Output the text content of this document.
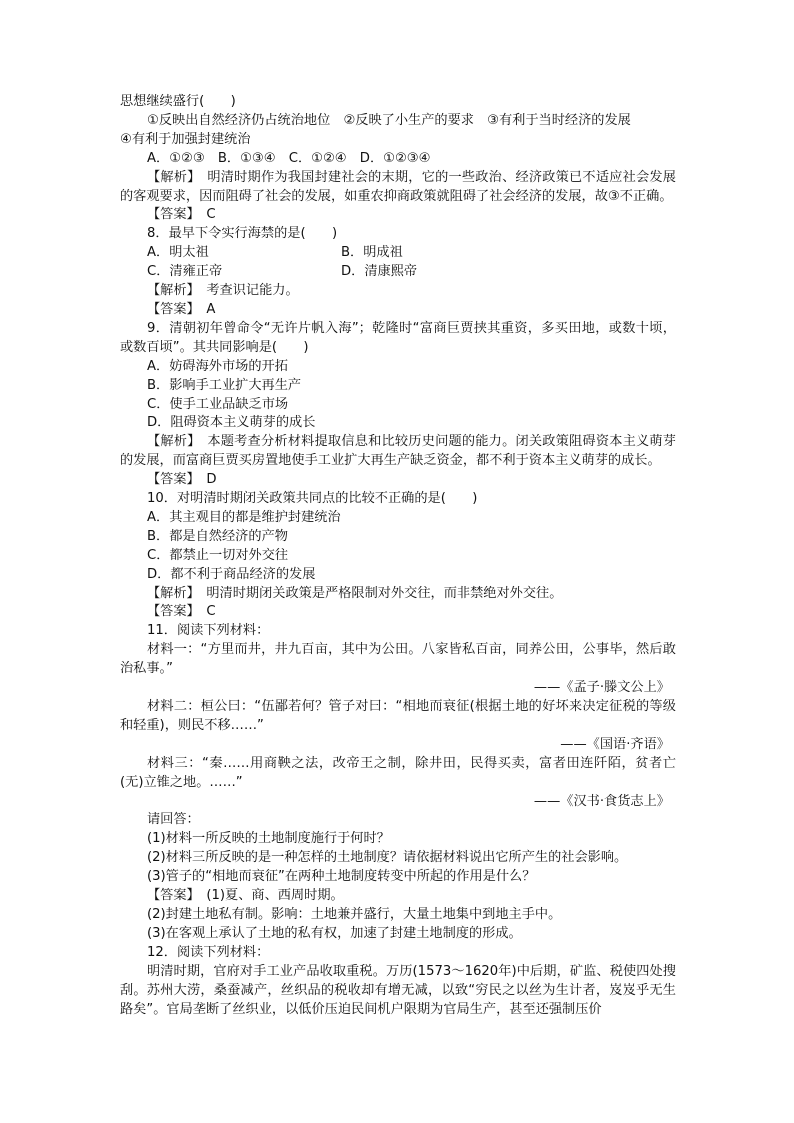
思想继续盛行(　　)
①反映出自然经济仍占统治地位　②反映了小生产的要求　③有利于当时经济的发展
④有利于加强封建统治
A．①②③　B．①③④　C．①②④　D．①②③④
【解析】　明清时期作为我国封建社会的末期，它的一些政治、经济政策已不适应社会发展的客观要求，因而阻碍了社会的发展，如重农抑商政策就阻碍了社会经济的发展，故③不正确。
【答案】　C
8．最早下令实行海禁的是(　　)
A．明太祖	B．明成祖
C．清雍正帝	D．清康熙帝
【解析】　考查识记能力。
【答案】　A
9．清朝初年曾命令“无许片帆入海”；乾隆时“富商巨贾挟其重资，多买田地，或数十顷，或数百顷”。其共同影响是(　　)
A．妨碍海外市场的开拓
B．影响手工业扩大再生产
C．使手工业品缺乏市场
D．阻碍资本主义萌芽的成长
【解析】　本题考查分析材料提取信息和比较历史问题的能力。闭关政策阻碍资本主义萌芽的发展，而富商巨贾买房置地使手工业扩大再生产缺乏资金，都不利于资本主义萌芽的成长。
【答案】　D
10．对明清时期闭关政策共同点的比较不正确的是(　　)
A．其主观目的都是维护封建统治
B．都是自然经济的产物
C．都禁止一切对外交往
D．都不利于商品经济的发展
【解析】　明清时期闭关政策是严格限制对外交往，而非禁绝对外交往。
【答案】　C
11．阅读下列材料：
材料一：“方里而井，井九百亩，其中为公田。八家皆私百亩，同养公田，公事毕，然后敢治私事。”
——《孟子·滕文公上》
材料二：桓公曰：“伍鄙若何？管子对曰：“相地而衰征(根据土地的好坏来决定征税的等级和轻重)，则民不移……”
——《国语·齐语》
材料三：“秦……用商鞅之法，改帝王之制，除井田，民得买卖，富者田连阡陌，贫者亡(无)立锥之地。……”
——《汉书·食货志上》
请回答：
(1)材料一所反映的土地制度施行于何时？
(2)材料三所反映的是一种怎样的土地制度？请依据材料说出它所产生的社会影响。
(3)管子的“相地而衰征”在两种土地制度转变中所起的作用是什么？
【答案】　(1)夏、商、西周时期。
(2)封建土地私有制。影响：土地兼并盛行，大量土地集中到地主手中。
(3)在客观上承认了土地的私有权，加速了封建土地制度的形成。
12．阅读下列材料：
明清时期，官府对手工业产品收取重税。万历(1573～1620年)中后期，矿监、税使四处搜刮。苏州大涝，桑蚕减产，丝织品的税收却有增无减，以致“穷民之以丝为生计者，岌岌乎无生路矣”。官局垄断了丝织业，以低价压迫民间机户限期为官局生产，甚至还强制压价
